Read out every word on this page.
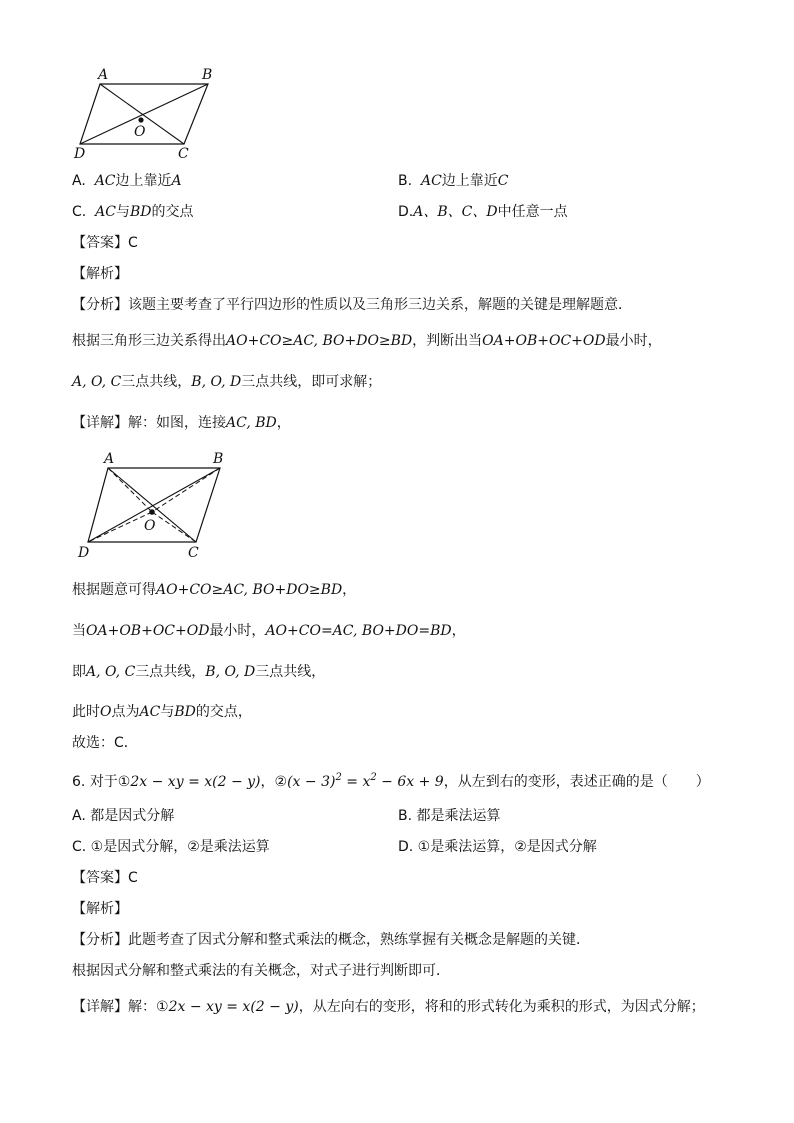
A	B
C
D
O
A. AC边上靠近A	B. AC边上靠近C
C. AC与BD的交点	D.A、B、C、D中任意一点
【答案】C
【解析】
【分析】该题主要考查了平行四边形的性质以及三角形三边关系，解题的关键是理解题意．
根据三角形三边关系得出AO+CO≥AC, BO+DO≥BD，判断出当OA+OB+OC+OD最小时，
A, O, C三点共线，B, O, D三点共线，即可求解；
【详解】解：如图，连接AC, BD，
A	B
C
D
O
根据题意可得AO+CO≥AC, BO+DO≥BD，
当OA+OB+OC+OD最小时，AO+CO=AC, BO+DO=BD，
即A, O, C三点共线，B, O, D三点共线，
此时O点为AC与BD的交点，
故选：C．
6. 对于①2x − xy = x(2 − y)，②(x − $3)^2 = x^2 - 6x + 9$，从左到右的变形，表述正确的是（　　）
A. 都是因式分解	B. 都是乘法运算
C. ①是因式分解，②是乘法运算	D. ①是乘法运算，②是因式分解
【答案】C
【解析】
【分析】此题考查了因式分解和整式乘法的概念，熟练掌握有关概念是解题的关键．
根据因式分解和整式乘法的有关概念，对式子进行判断即可．
【详解】解：①2x − xy = x(2 − y)，从左向右的变形，将和的形式转化为乘积的形式，为因式分解；
